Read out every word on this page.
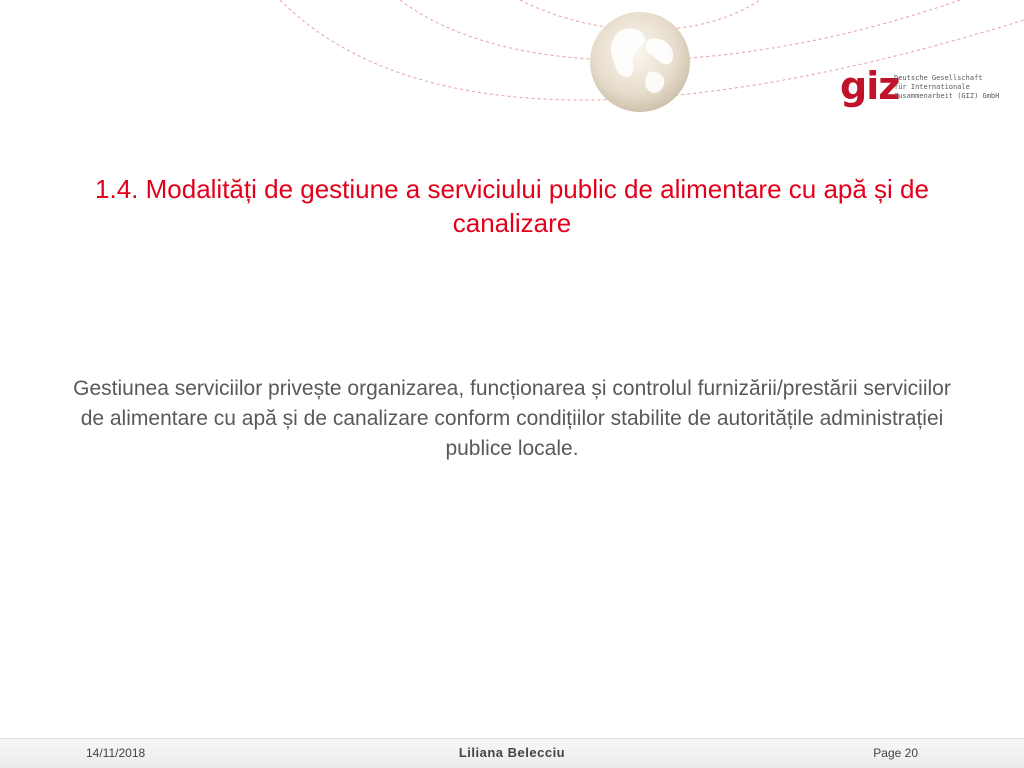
giz
Deutsche Gesellschaft
für Internationale
Zusammenarbeit (GIZ) GmbH
1.4. Modalități de gestiune a serviciului public de alimentare cu apă și de canalizare
Gestiunea serviciilor privește organizarea, funcționarea și controlul furnizării/prestării serviciilor de alimentare cu apă și de canalizare conform condițiilor stabilite de autoritățile administrației publice locale.
14/11/2018	Liliana Belecciu	Page 20
